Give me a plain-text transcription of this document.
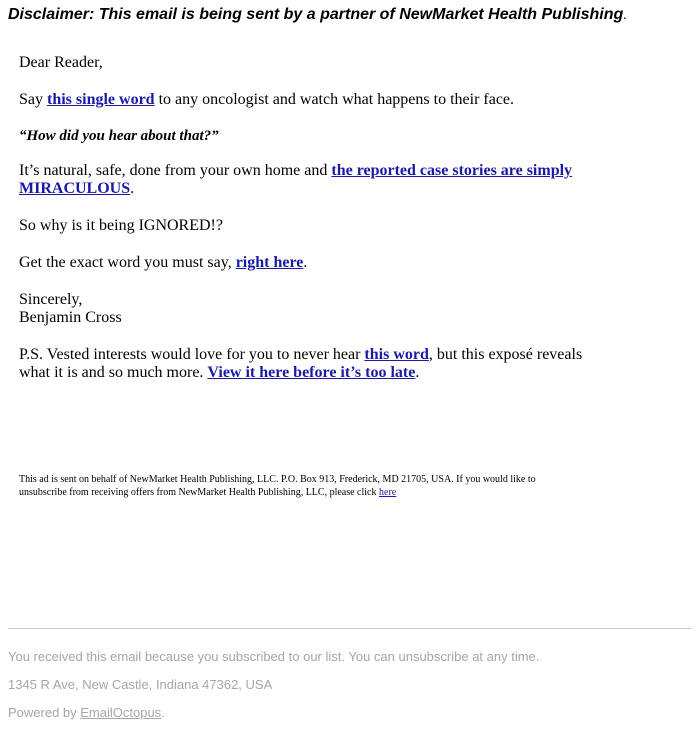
Disclaimer: This email is being sent by a partner of NewMarket Health Publishing.
Dear Reader,
Say this single word to any oncologist and watch what happens to their face.
“How did you hear about that?”
It’s natural, safe, done from your own home and the reported case stories are simply
MIRACULOUS.
So why is it being IGNORED!?
Get the exact word you must say, right here.
Sincerely,
Benjamin Cross
P.S. Vested interests would love for you to never hear this word, but this exposé reveals
what it is and so much more. View it here before it’s too late.
This ad is sent on behalf of NewMarket Health Publishing, LLC. P.O. Box 913, Frederick, MD 21705, USA. If you would like to
unsubscribe from receiving offers from NewMarket Health Publishing, LLC, please click here
You received this email because you subscribed to our list. You can unsubscribe at any time.
1345 R Ave, New Castle, Indiana 47362, USA
Powered by EmailOctopus.
